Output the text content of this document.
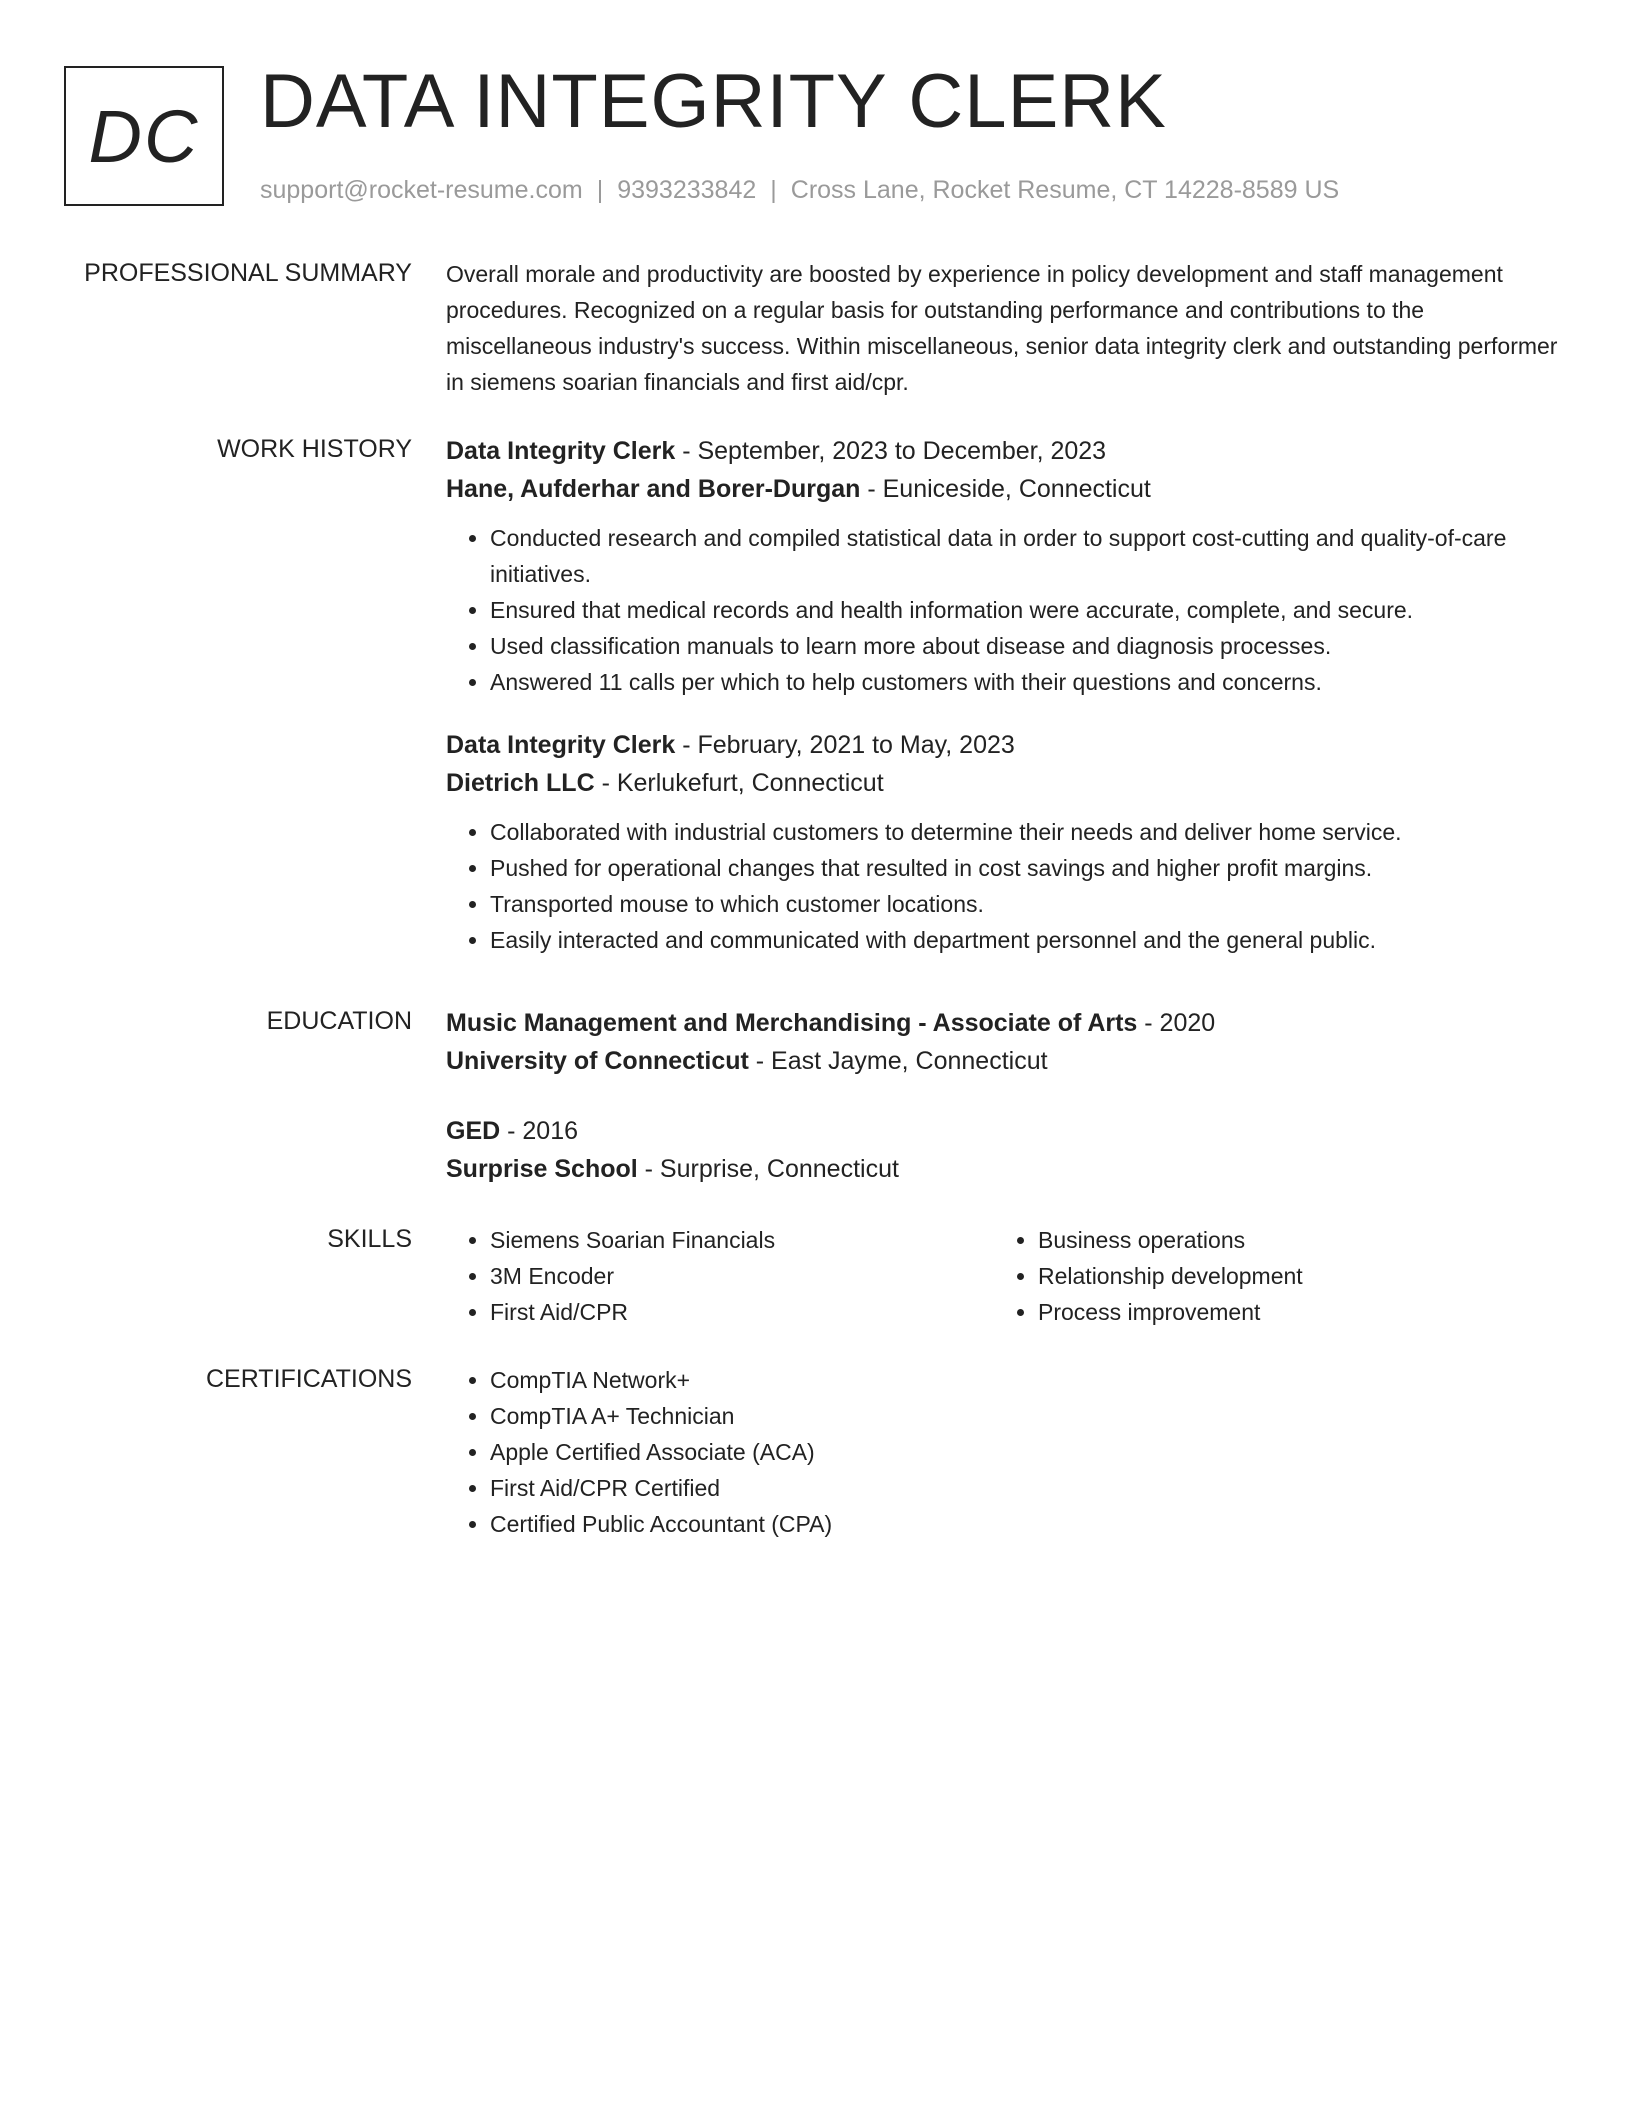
DC DATA INTEGRITY CLERK
support@rocket-resume.com | 9393233842 | Cross Lane, Rocket Resume, CT 14228-8589 US
PROFESSIONAL SUMMARY Overall morale and productivity are boosted by experience in policy development and staff management procedures. Recognized on a regular basis for outstanding performance and contributions to the miscellaneous industry's success. Within miscellaneous, senior data integrity clerk and outstanding performer in siemens soarian financials and first aid/cpr.

WORK HISTORY Data Integrity Clerk - September, 2023 to December, 2023
Hane, Aufderhar and Borer-Durgan - Euniceside, Connecticut
• Conducted research and compiled statistical data in order to support cost-cutting and quality-of-care initiatives.
• Ensured that medical records and health information were accurate, complete, and secure.
• Used classification manuals to learn more about disease and diagnosis processes.
• Answered 11 calls per which to help customers with their questions and concerns.
Data Integrity Clerk - February, 2021 to May, 2023
Dietrich LLC - Kerlukefurt, Connecticut
• Collaborated with industrial customers to determine their needs and deliver home service.
• Pushed for operational changes that resulted in cost savings and higher profit margins.
• Transported mouse to which customer locations.
• Easily interacted and communicated with department personnel and the general public.
EDUCATION Music Management and Merchandising - Associate of Arts - 2020
University of Connecticut - East Jayme, Connecticut
GED - 2016
Surprise School - Surprise, Connecticut
SKILLS	• Siemens Soarian Financials
• 3M Encoder
• First Aid/CPR
• Business operations
• Relationship development
• Process improvement
CERTIFICATIONS	• CompTIA Network+
• CompTIA A+ Technician
• Apple Certified Associate (ACA)
• First Aid/CPR Certified
• Certified Public Accountant (CPA)
